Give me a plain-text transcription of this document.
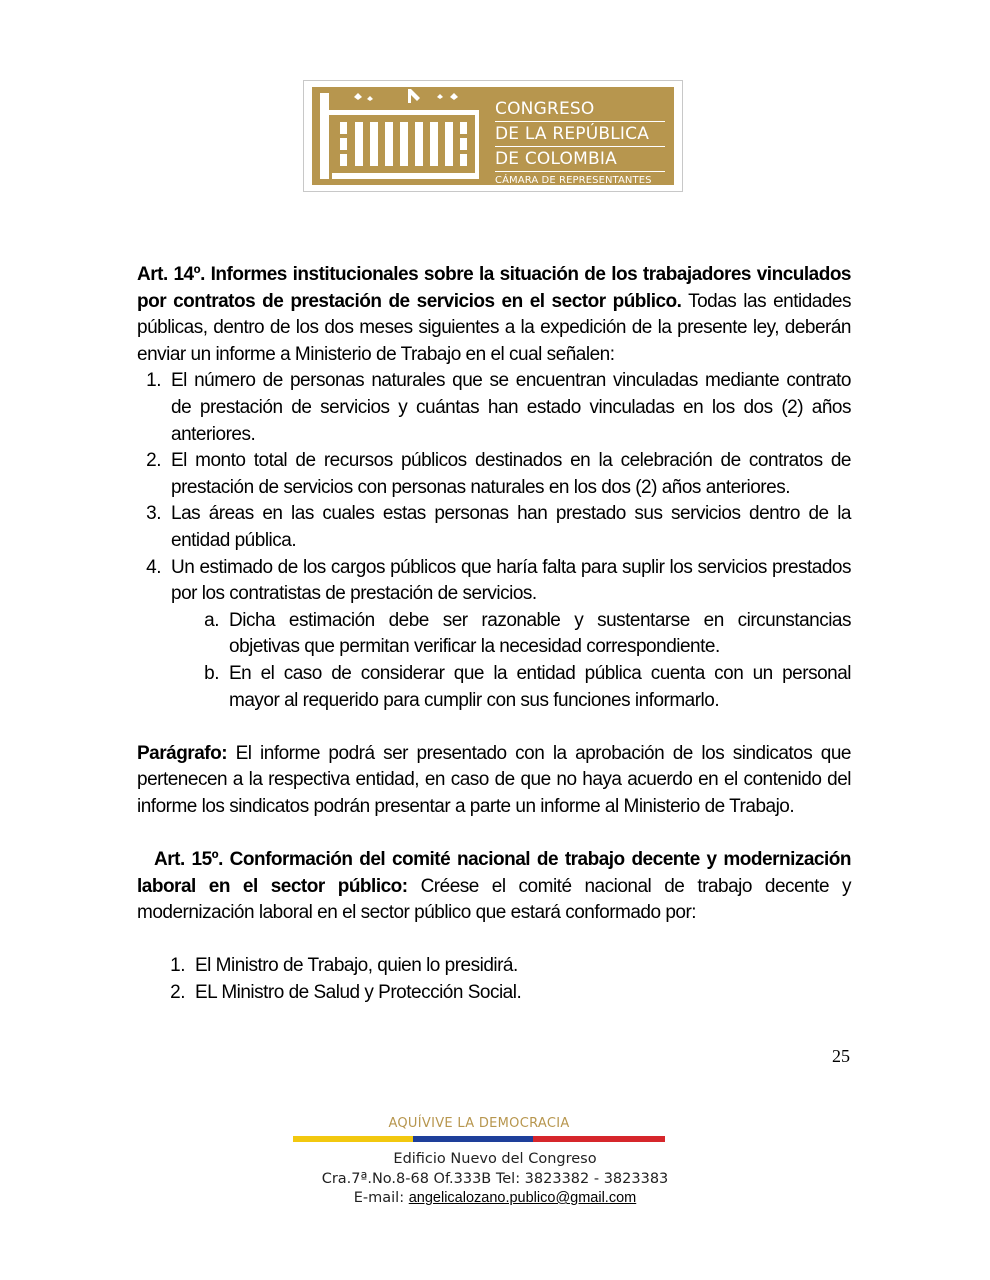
CONGRESO
DE LA REPÚBLICA
DE COLOMBIA
CÁMARA DE REPRESENTANTES

Art. 14º. Informes institucionales sobre la situación de los trabajadores vinculados por contratos de prestación de servicios en el sector público. Todas las entidades públicas, dentro de los dos meses siguientes a la expedición de la presente ley, deberán enviar un informe a Ministerio de Trabajo en el cual señalen:

1. El número de personas naturales que se encuentran vinculadas mediante contrato de prestación de servicios y cuántas han estado vinculadas en los dos (2) años anteriores.
2. El monto total de recursos públicos destinados en la celebración de contratos de prestación de servicios con personas naturales en los dos (2) años anteriores.
3. Las áreas en las cuales estas personas han prestado sus servicios dentro de la entidad pública.
4. Un estimado de los cargos públicos que haría falta para suplir los servicios prestados por los contratistas de prestación de servicios.
a. Dicha estimación debe ser razonable y sustentarse en circunstancias objetivas que permitan verificar la necesidad correspondiente.
b. En el caso de considerar que la entidad pública cuenta con un personal mayor al requerido para cumplir con sus funciones informarlo.

Parágrafo: El informe podrá ser presentado con la aprobación de los sindicatos que pertenecen a la respectiva entidad, en caso de que no haya acuerdo en el contenido del informe los sindicatos podrán presentar a parte un informe al Ministerio de Trabajo.

Art. 15º. Conformación del comité nacional de trabajo decente y modernización laboral en el sector público: Créese el comité nacional de trabajo decente y modernización laboral en el sector público que estará conformado por:

1. El Ministro de Trabajo, quien lo presidirá.
2. EL Ministro de Salud y Protección Social.
25
AQUÍVIVE LA DEMOCRACIA
Edificio Nuevo del Congreso
Cra.7ª.No.8-68 Of.333B Tel: 3823382 - 3823383
E-mail: angelicalozano.publico@gmail.com
